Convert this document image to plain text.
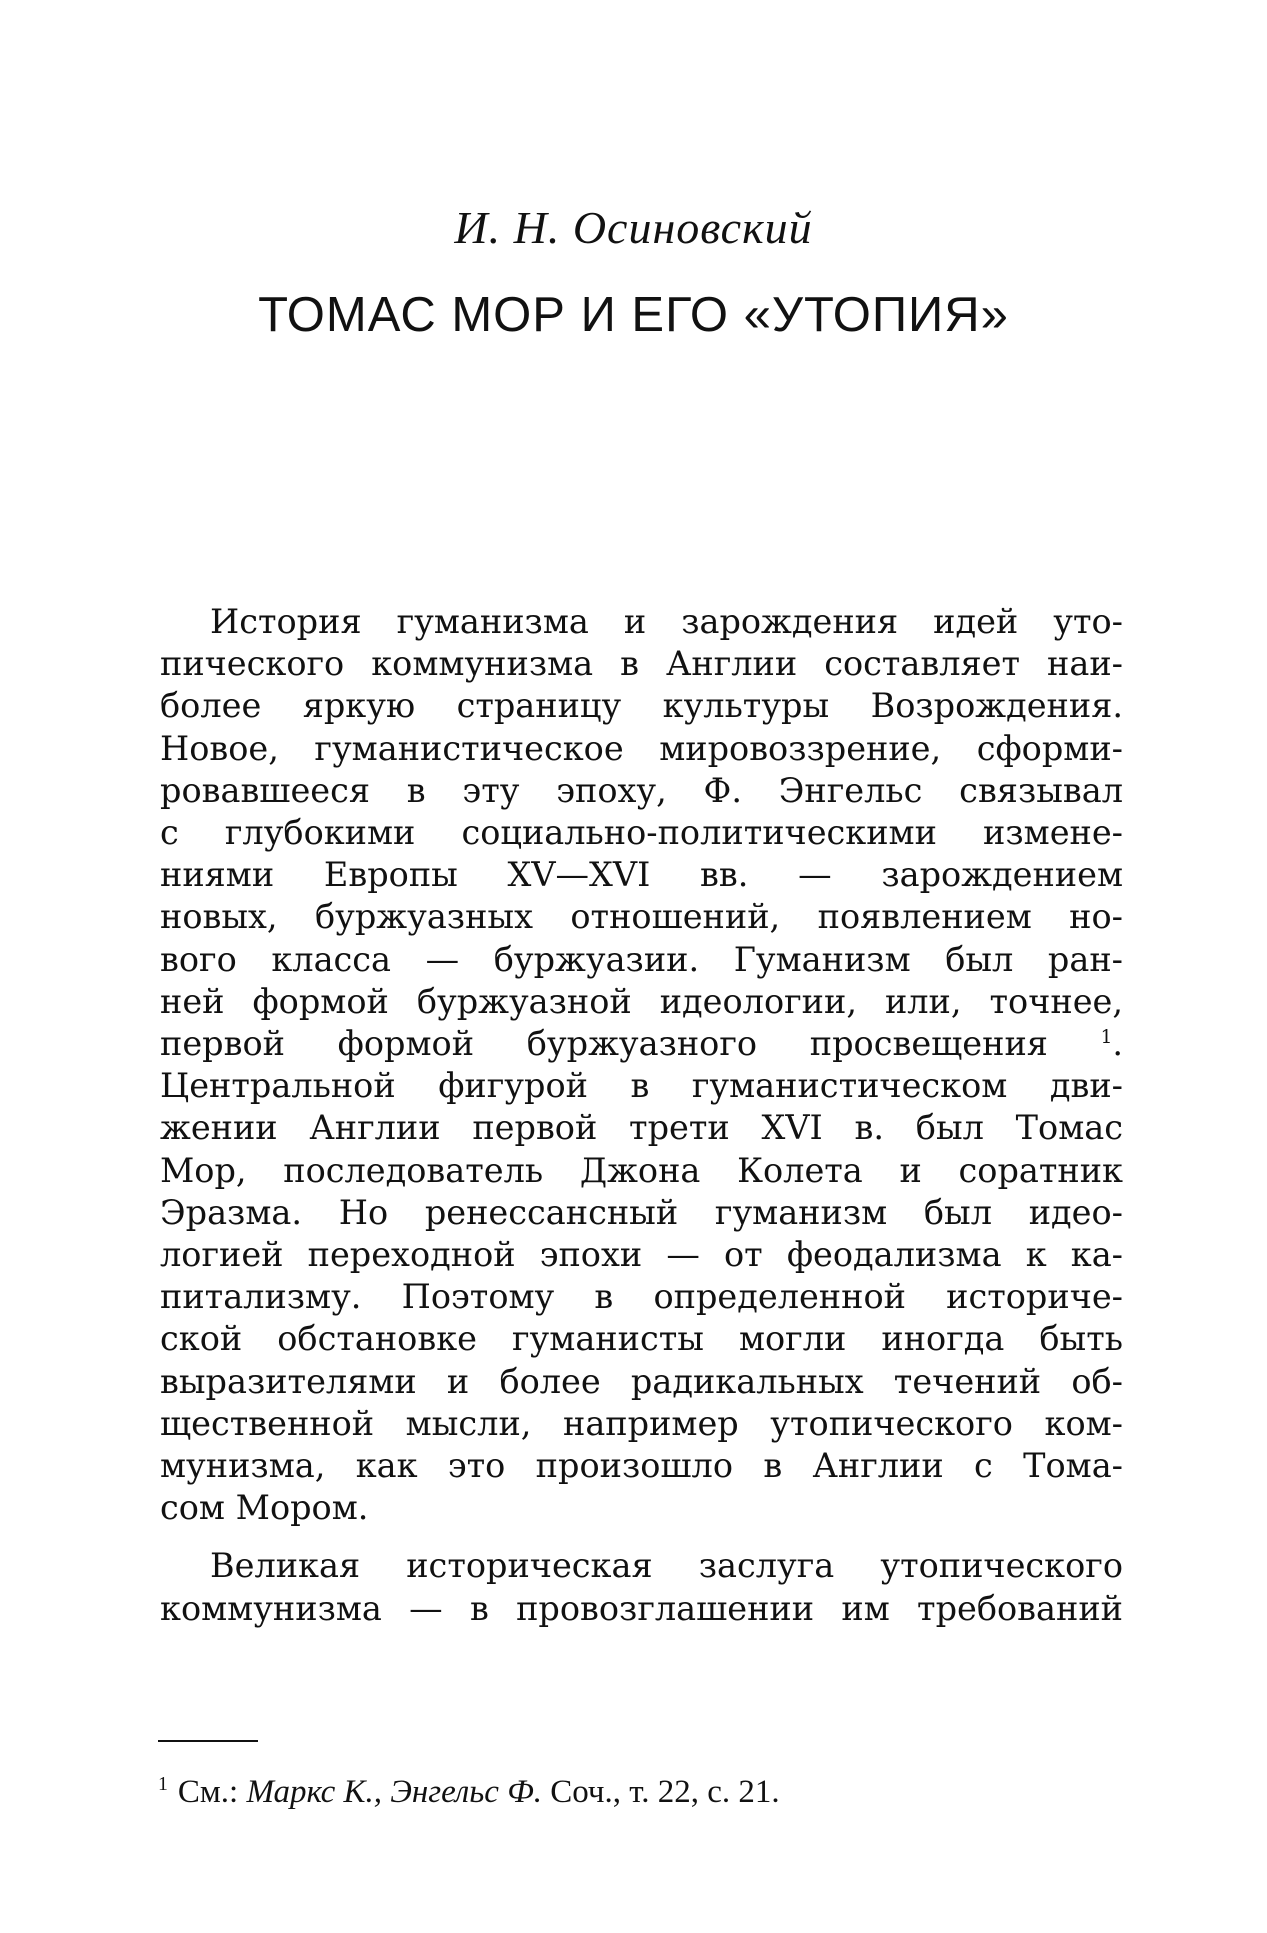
И. Н. Осиновский
ТОМАС МОР И ЕГО «УТОПИЯ»
История гуманизма и зарождения идей уто-
пического коммунизма в Англии составляет наи-
более яркую страницу культуры Возрождения.
Новое, гуманистическое мировоззрение, сформи-
ровавшееся в эту эпоху, Ф. Энгельс связывал
с глубокими социально-политическими измене-
ниями Европы XV—XVI вв. — зарождением
новых, буржуазных отношений, появлением но-
вого класса — буржуазии. Гуманизм был ран-
ней формой буржуазной идеологии, или, точнее,
первой формой буржуазного просвещения	$^1$.
Центральной фигурой в гуманистическом дви-
жении Англии первой трети XVI в. был Томас
Мор, последователь Джона Колета и соратник
Эразма. Но ренессансный гуманизм был идео-
логией переходной эпохи — от феодализма к ка-
питализму. Поэтому в определенной историче-
ской обстановке гуманисты могли иногда быть
выразителями и более радикальных течений об-
щественной мысли, например утопического ком-
мунизма, как это произошло в Англии с Тома-
сом Мором.
Великая историческая заслуга утопического
коммунизма — в провозглашении им требований
$^1$ См.: Маркс К., Энгельс Ф. Соч., т. 22, с. 21.
